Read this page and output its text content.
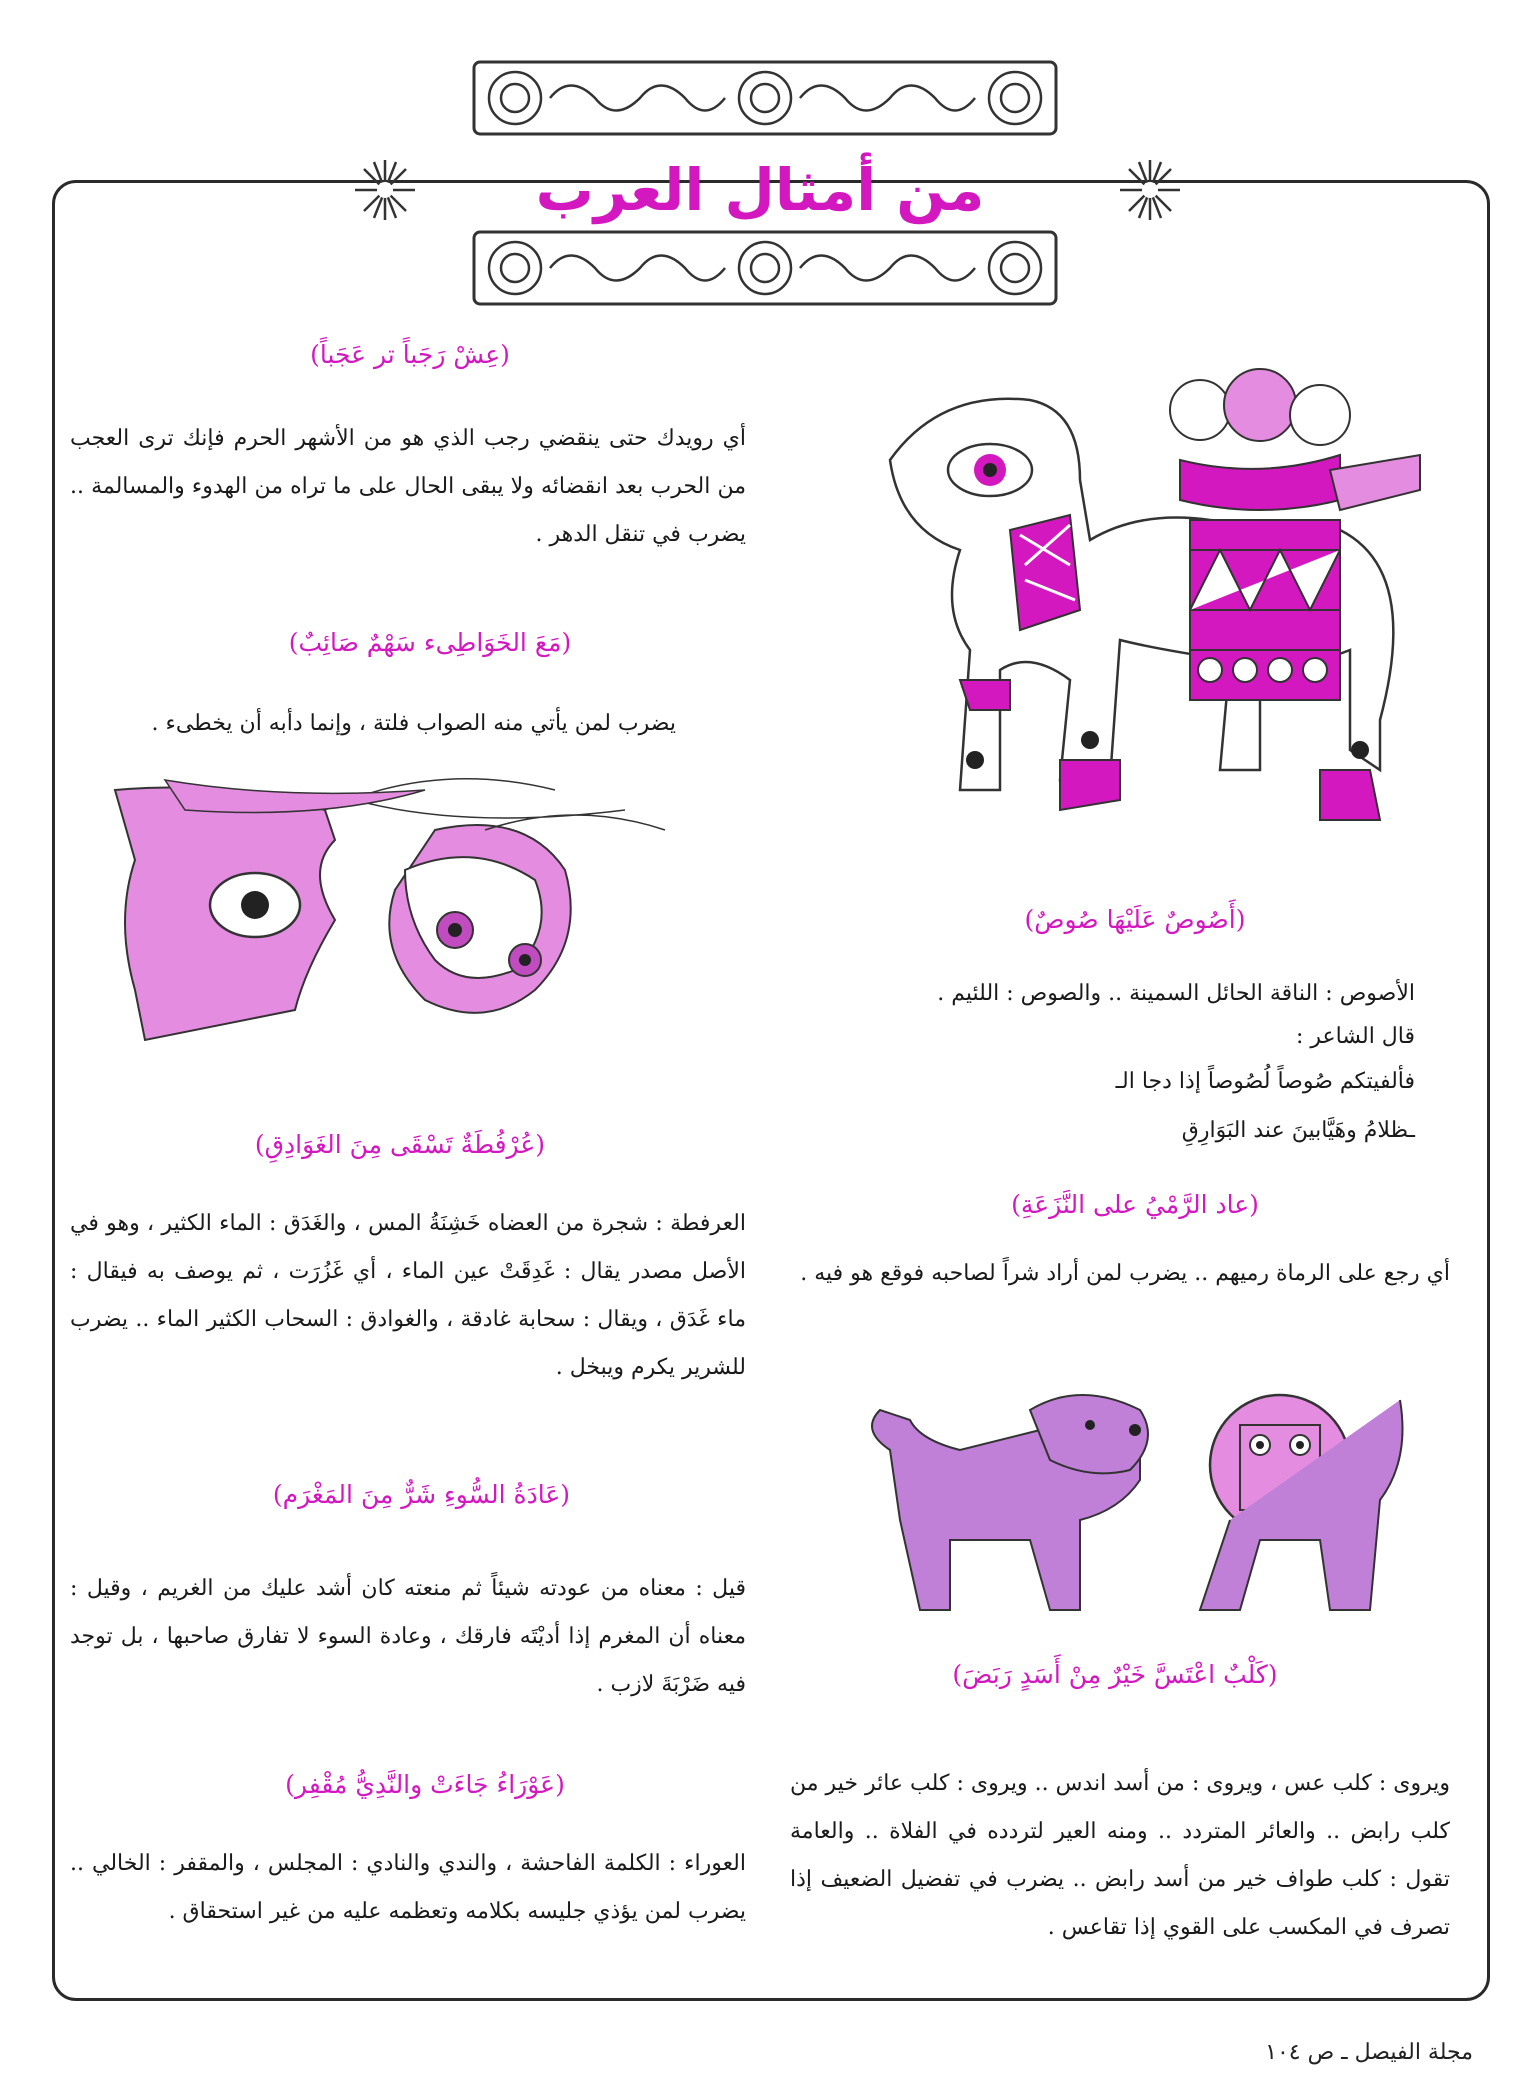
من أمثال العرب
(عِشْ رَجَباً تر عَجَباً)
أي رويدك حتى ينقضي رجب الذي هو من الأشهر الحرم فإنك ترى العجب من الحرب بعد انقضائه ولا يبقى الحال على ما تراه من الهدوء والمسالمة .. يضرب في تنقل الدهر .
(مَعَ الخَوَاطِىء سَهْمٌ صَائِبٌ)
يضرب لمن يأتي منه الصواب فلتة ، وإنما دأبه أن يخطىء .
(عُرْفُطَةٌ تَسْقَى مِنَ الغَوَادِقِ)
العرفطة : شجرة من العضاه خَشِنَةُ المس ، والغَدَق : الماء الكثير ، وهو في الأصل مصدر يقال : غَدِقَتْ عين الماء ، أي غَزُرَت ، ثم يوصف به فيقال : ماء غَدَق ، ويقال : سحابة غادقة ، والغوادق : السحاب الكثير الماء .. يضرب للشرير يكرم ويبخل .
(عَادَةُ السُّوءِ شَرٌّ مِنَ المَغْرَم)
قيل : معناه من عودته شيئاً ثم منعته كان أشد عليك من الغريم ، وقيل : معناه أن المغرم إذا أديْتَه فارقك ، وعادة السوء لا تفارق صاحبها ، بل توجد فيه ضَرْبَةَ لازب .
(عَوْرَاءُ جَاءَتْ والنَّدِيُّ مُقْفِر)
العوراء : الكلمة الفاحشة ، والندي والنادي : المجلس ، والمقفر : الخالي .. يضرب لمن يؤذي جليسه بكلامه وتعظمه عليه من غير استحقاق .
(أَصُوصٌ عَلَيْهَا صُوصٌ)
الأصوص : الناقة الحائل السمينة .. والصوص : اللئيم .
قال الشاعر :
فألفيتكم صُوصاً لُصُوصاً إذا دجا الـ
ـظلامُ وهَيَّابينَ عند البَوَارِقِ
(عاد الرَّمْيُ على النَّزَعَةِ)
أي رجع على الرماة رميهم .. يضرب لمن أراد شراً لصاحبه فوقع هو فيه .
(كَلْبٌ اعْتَسَّ خَيْرٌ مِنْ أَسَدٍ رَبَضَ)
ويروى : كلب عس ، ويروى : من أسد اندس .. ويروى : كلب عائر خير من كلب رابض .. والعائر المتردد .. ومنه العير لتردده في الفلاة .. والعامة تقول : كلب طواف خير من أسد رابض .. يضرب في تفضيل الضعيف إذا تصرف في المكسب على القوي إذا تقاعس .
مجلة الفيصل ـ ص ١٠٤
